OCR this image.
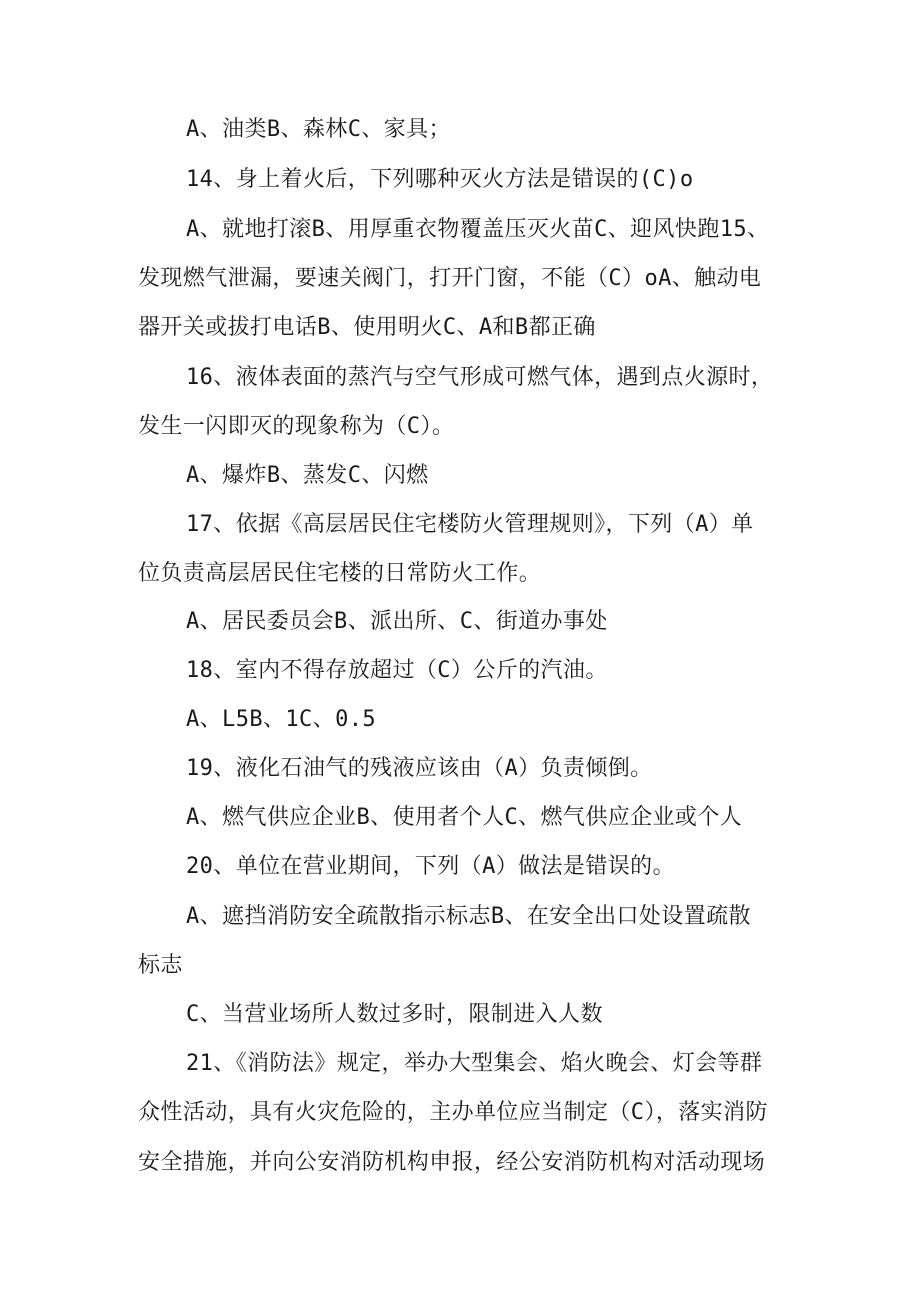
A、油类B、森林C、家具；
14、身上着火后，下列哪种灭火方法是错误的(C)o
A、就地打滚B、用厚重衣物覆盖压灭火苗C、迎风快跑15、
发现燃气泄漏，要速关阀门，打开门窗，不能（C）oA、触动电
器开关或拔打电话B、使用明火C、A和B都正确
16、液体表面的蒸汽与空气形成可燃气体，遇到点火源时，
发生一闪即灭的现象称为（C）。
A、爆炸B、蒸发C、闪燃
17、依据《高层居民住宅楼防火管理规则》，下列（A）单
位负责高层居民住宅楼的日常防火工作。
A、居民委员会B、派出所、C、街道办事处
18、室内不得存放超过（C）公斤的汽油。
A、L5B、1C、0.5
19、液化石油气的残液应该由（A）负责倾倒。
A、燃气供应企业B、使用者个人C、燃气供应企业或个人
20、单位在营业期间，下列（A）做法是错误的。
A、遮挡消防安全疏散指示标志B、在安全出口处设置疏散
标志
C、当营业场所人数过多时，限制进入人数
21、《消防法》规定，举办大型集会、焰火晚会、灯会等群
众性活动，具有火灾危险的，主办单位应当制定（C），落实消防
安全措施，并向公安消防机构申报，经公安消防机构对活动现场
